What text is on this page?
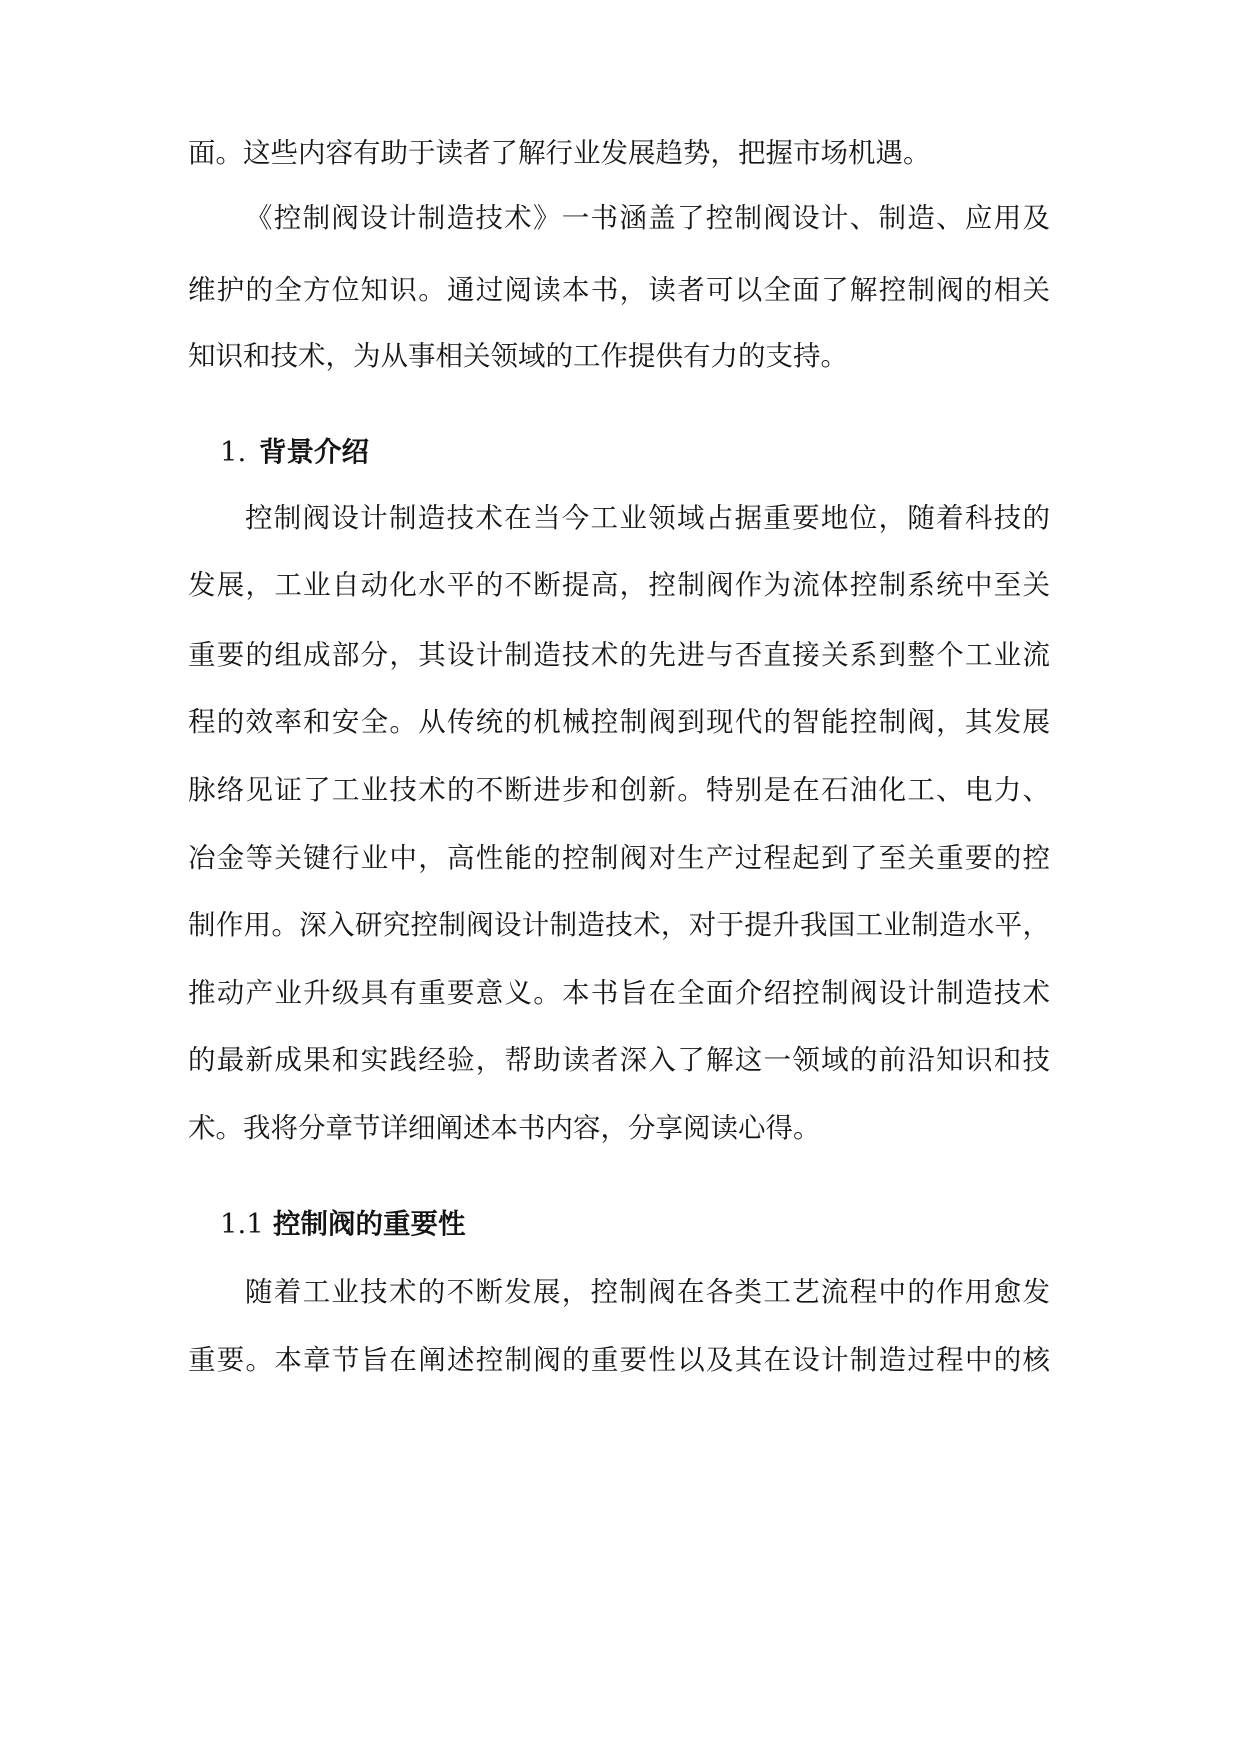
面。这些内容有助于读者了解行业发展趋势，把握市场机遇。
《控制阀设计制造技术》一书涵盖了控制阀设计、制造、应用及
维护的全方位知识。通过阅读本书，读者可以全面了解控制阀的相关
知识和技术，为从事相关领域的工作提供有力的支持。
1. 背景介绍
控制阀设计制造技术在当今工业领域占据重要地位，随着科技的
发展，工业自动化水平的不断提高，控制阀作为流体控制系统中至关
重要的组成部分，其设计制造技术的先进与否直接关系到整个工业流
程的效率和安全。从传统的机械控制阀到现代的智能控制阀，其发展
脉络见证了工业技术的不断进步和创新。特别是在石油化工、电力、
冶金等关键行业中，高性能的控制阀对生产过程起到了至关重要的控
制作用。深入研究控制阀设计制造技术，对于提升我国工业制造水平，
推动产业升级具有重要意义。本书旨在全面介绍控制阀设计制造技术
的最新成果和实践经验，帮助读者深入了解这一领域的前沿知识和技
术。我将分章节详细阐述本书内容，分享阅读心得。
1.1 控制阀的重要性
随着工业技术的不断发展，控制阀在各类工艺流程中的作用愈发
重要。本章节旨在阐述控制阀的重要性以及其在设计制造过程中的核
